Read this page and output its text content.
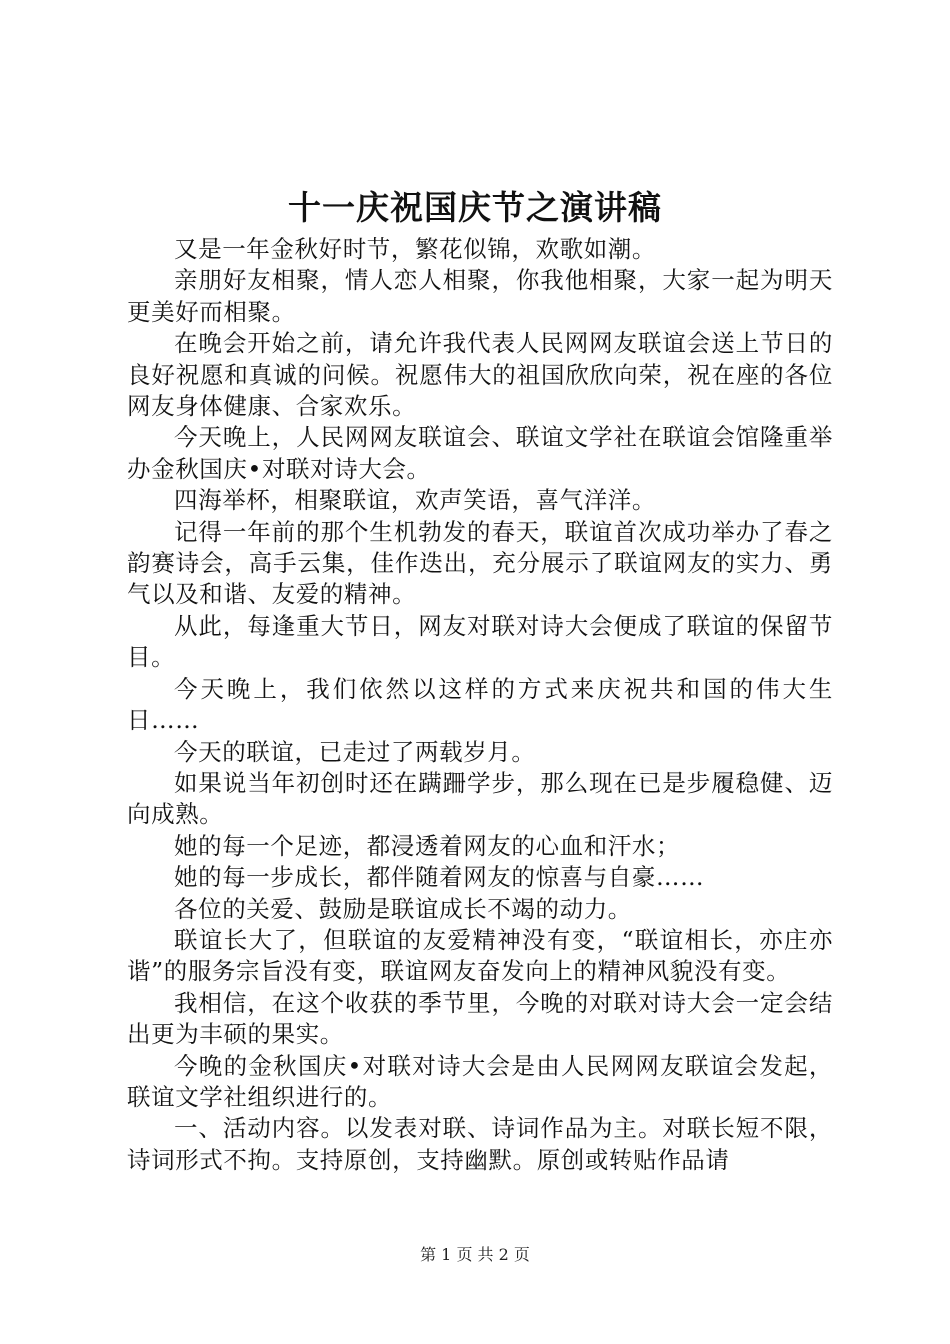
十一庆祝国庆节之演讲稿

又是一年金秋好时节，繁花似锦，欢歌如潮。

亲朋好友相聚，情人恋人相聚，你我他相聚，大家一起为明天更美好而相聚。

在晚会开始之前，请允许我代表人民网网友联谊会送上节日的良好祝愿和真诚的问候。祝愿伟大的祖国欣欣向荣，祝在座的各位网友身体健康、合家欢乐。

今天晚上，人民网网友联谊会、联谊文学社在联谊会馆隆重举办金秋国庆•对联对诗大会。

四海举杯，相聚联谊，欢声笑语，喜气洋洋。

记得一年前的那个生机勃发的春天，联谊首次成功举办了春之韵赛诗会，高手云集，佳作迭出，充分展示了联谊网友的实力、勇气以及和谐、友爱的精神。

从此，每逢重大节日，网友对联对诗大会便成了联谊的保留节目。

今天晚上，我们依然以这样的方式来庆祝共和国的伟大生日……

今天的联谊，已走过了两载岁月。

如果说当年初创时还在蹒跚学步，那么现在已是步履稳健、迈向成熟。

她的每一个足迹，都浸透着网友的心血和汗水；

她的每一步成长，都伴随着网友的惊喜与自豪……

各位的关爱、鼓励是联谊成长不竭的动力。

联谊长大了，但联谊的友爱精神没有变，“联谊相长，亦庄亦谐”的服务宗旨没有变，联谊网友奋发向上的精神风貌没有变。

我相信，在这个收获的季节里，今晚的对联对诗大会一定会结出更为丰硕的果实。

今晚的金秋国庆•对联对诗大会是由人民网网友联谊会发起，联谊文学社组织进行的。

一、活动内容。以发表对联、诗词作品为主。对联长短不限，诗词形式不拘。支持原创，支持幽默。原创或转贴作品请

第 1 页 共 2 页
